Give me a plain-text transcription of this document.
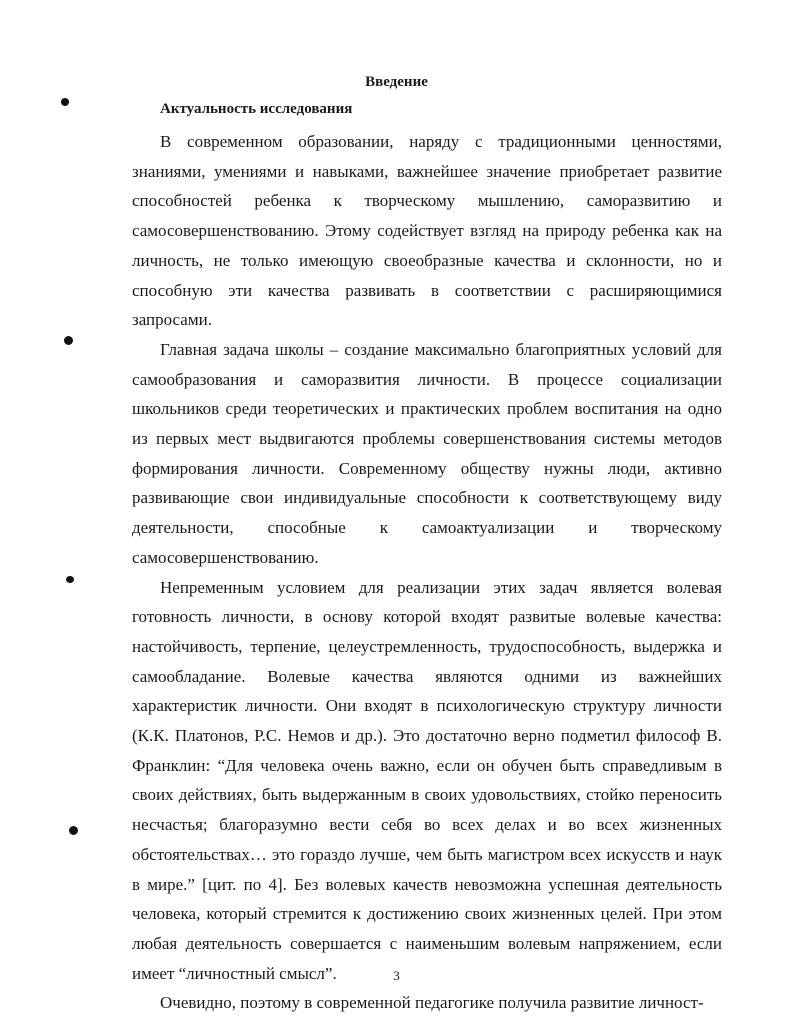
Введение
Актуальность исследования

В современном образовании, наряду с традиционными ценностями, знаниями, умениями и навыками, важнейшее значение приобретает развитие способностей ребенка к творческому мышлению, саморазвитию и самосовершенствованию. Этому содействует взгляд на природу ребенка как на личность, не только имеющую своеобразные качества и склонности, но и способную эти качества развивать в соответствии с расширяющимися запросами.

Главная задача школы – создание максимально благоприятных условий для самообразования и саморазвития личности. В процессе социализации школьников среди теоретических и практических проблем воспитания на одно из первых мест выдвигаются проблемы совершенствования системы методов формирования личности. Современному обществу нужны люди, активно развивающие свои индивидуальные способности к соответствующему виду деятельности, способные к самоактуализации и творческому самосовершенствованию.

Непременным условием для реализации этих задач является волевая готовность личности, в основу которой входят развитые волевые качества: настойчивость, терпение, целеустремленность, трудоспособность, выдержка и самообладание. Волевые качества являются одними из важнейших характеристик личности. Они входят в психологическую структуру личности (К.К. Платонов, Р.С. Немов и др.). Это достаточно верно подметил философ В. Франклин: “Для человека очень важно, если он обучен быть справедливым в своих действиях, быть выдержанным в своих удовольствиях, стойко переносить несчастья; благоразумно вести себя во всех делах и во всех жизненных обстоятельствах… это гораздо лучше, чем быть магистром всех искусств и наук в мире.” [цит. по 4]. Без волевых качеств невозможна успешная деятельность человека, который стремится к достижению своих жизненных целей. При этом любая деятельность совершается с наименьшим волевым напряжением, если имеет “личностный смысл”.

Очевидно, поэтому в современной педагогике получила развитие личност-

3
